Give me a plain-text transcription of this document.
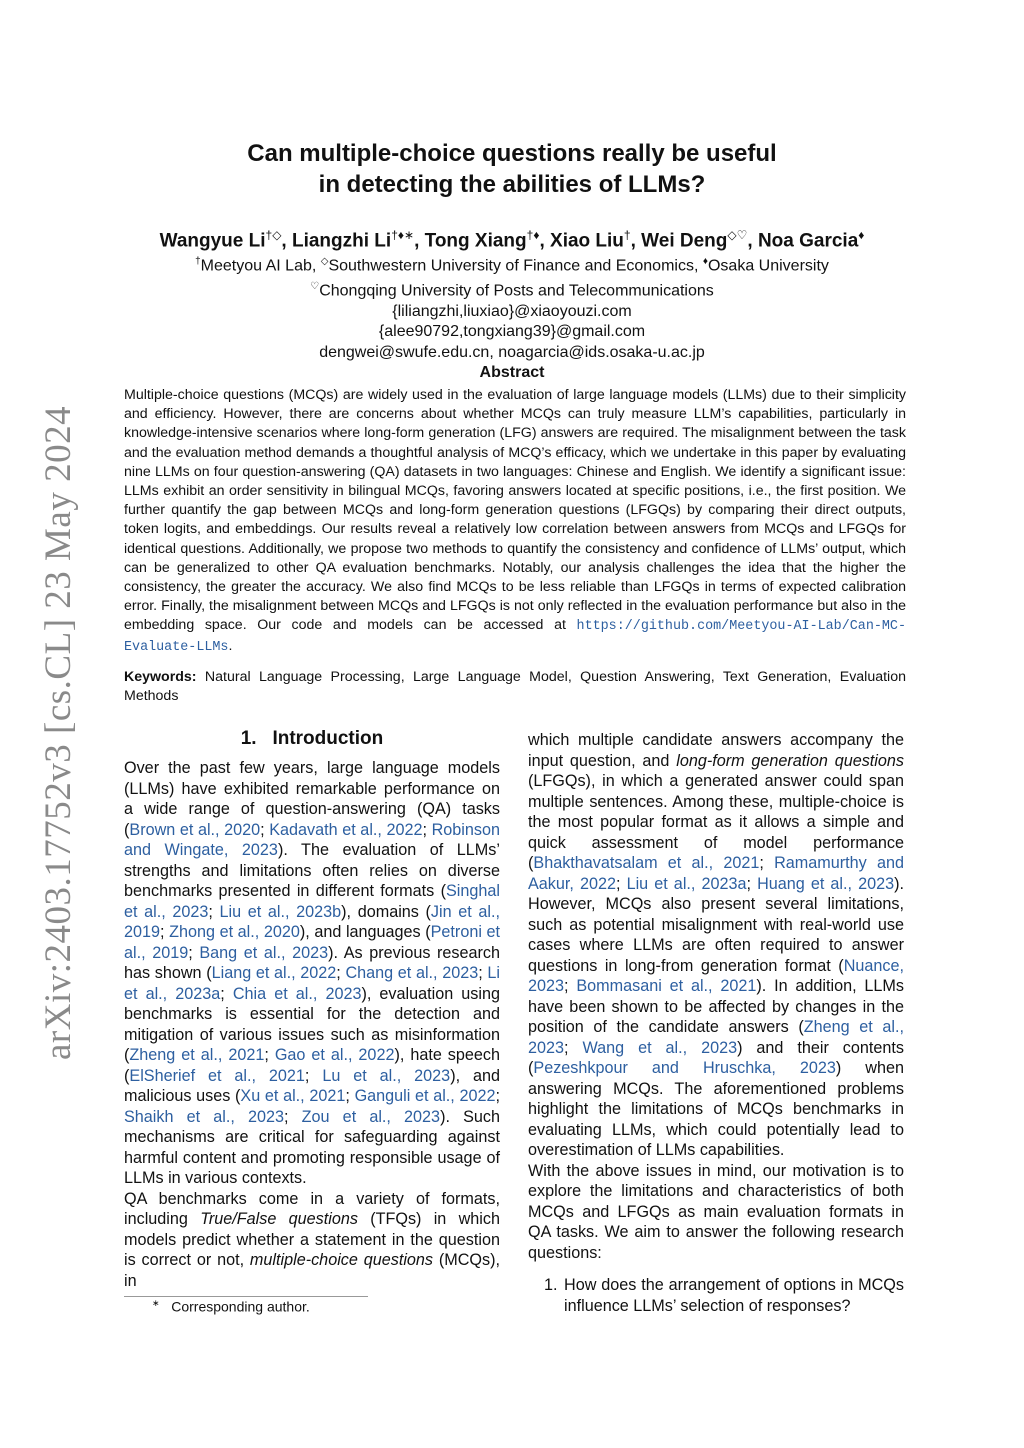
arXiv:2403.17752v3 [cs.CL] 23 May 2024
Can multiple-choice questions really be useful
in detecting the abilities of LLMs?
Wangyue Li†◇, Liangzhi Li†♦∗, Tong Xiang†♦, Xiao Liu†, Wei Deng◇♡, Noa Garcia♦
†Meetyou AI Lab, ◇Southwestern University of Finance and Economics, ♦Osaka University
♡Chongqing University of Posts and Telecommunications
{liliangzhi,liuxiao}@xiaoyouzi.com
{alee90792,tongxiang39}@gmail.com
dengwei@swufe.edu.cn, noagarcia@ids.osaka-u.ac.jp
Abstract
Multiple-choice questions (MCQs) are widely used in the evaluation of large language models (LLMs) due to their simplicity and efficiency. However, there are concerns about whether MCQs can truly measure LLM’s capabilities, particularly in knowledge-intensive scenarios where long-form generation (LFG) answers are required. The misalignment between the task and the evaluation method demands a thoughtful analysis of MCQ’s efficacy, which we undertake in this paper by evaluating nine LLMs on four question-answering (QA) datasets in two languages: Chinese and English. We identify a significant issue: LLMs exhibit an order sensitivity in bilingual MCQs, favoring answers located at specific positions, i.e., the first position. We further quantify the gap between MCQs and long-form generation questions (LFGQs) by comparing their direct outputs, token logits, and embeddings. Our results reveal a relatively low correlation between answers from MCQs and LFGQs for identical questions. Additionally, we propose two methods to quantify the consistency and confidence of LLMs’ output, which can be generalized to other QA evaluation benchmarks. Notably, our analysis challenges the idea that the higher the consistency, the greater the accuracy. We also find MCQs to be less reliable than LFGQs in terms of expected calibration error. Finally, the misalignment between MCQs and LFGQs is not only reflected in the evaluation performance but also in the embedding space. Our code and models can be accessed at https://github.com/Meetyou-AI-Lab/Can-MC-Evaluate-LLMs.
Keywords: Natural Language Processing, Large Language Model, Question Answering, Text Generation, Evaluation Methods
1. Introduction

Over the past few years, large language models (LLMs) have exhibited remarkable performance on a wide range of question-answering (QA) tasks (Brown et al., 2020; Kadavath et al., 2022; Robinson and Wingate, 2023). The evaluation of LLMs’ strengths and limitations often relies on diverse benchmarks presented in different formats (Singhal et al., 2023; Liu et al., 2023b), domains (Jin et al., 2019; Zhong et al., 2020), and languages (Petroni et al., 2019; Bang et al., 2023). As previous research has shown (Liang et al., 2022; Chang et al., 2023; Li et al., 2023a; Chia et al., 2023), evaluation using benchmarks is essential for the detection and mitigation of various issues such as misinformation (Zheng et al., 2021; Gao et al., 2022), hate speech (ElSherief et al., 2021; Lu et al., 2023), and malicious uses (Xu et al., 2021; Ganguli et al., 2022; Shaikh et al., 2023; Zou et al., 2023). Such mechanisms are critical for safeguarding against harmful content and promoting responsible usage of LLMs in various contexts.

QA benchmarks come in a variety of formats, including True/False questions (TFQs) in which models predict whether a statement in the question is correct or not, multiple-choice questions (MCQs), in

which multiple candidate answers accompany the input question, and long-form generation questions (LFGQs), in which a generated answer could span multiple sentences. Among these, multiple-choice is the most popular format as it allows a simple and quick assessment of model performance (Bhakthavatsalam et al., 2021; Ramamurthy and Aakur, 2022; Liu et al., 2023a; Huang et al., 2023). However, MCQs also present several limitations, such as potential misalignment with real-world use cases where LLMs are often required to answer questions in long-from generation format (Nuance, 2023; Bommasani et al., 2021). In addition, LLMs have been shown to be affected by changes in the position of the candidate answers (Zheng et al., 2023; Wang et al., 2023) and their contents (Pezeshkpour and Hruschka, 2023) when answering MCQs. The aforementioned problems highlight the limitations of MCQs benchmarks in evaluating LLMs, which could potentially lead to overestimation of LLMs capabilities.

With the above issues in mind, our motivation is to explore the limitations and characteristics of both MCQs and LFGQs as main evaluation formats in QA tasks. We aim to answer the following research questions:

1. How does the arrangement of options in MCQs influence LLMs’ selection of responses?
∗ Corresponding author.
